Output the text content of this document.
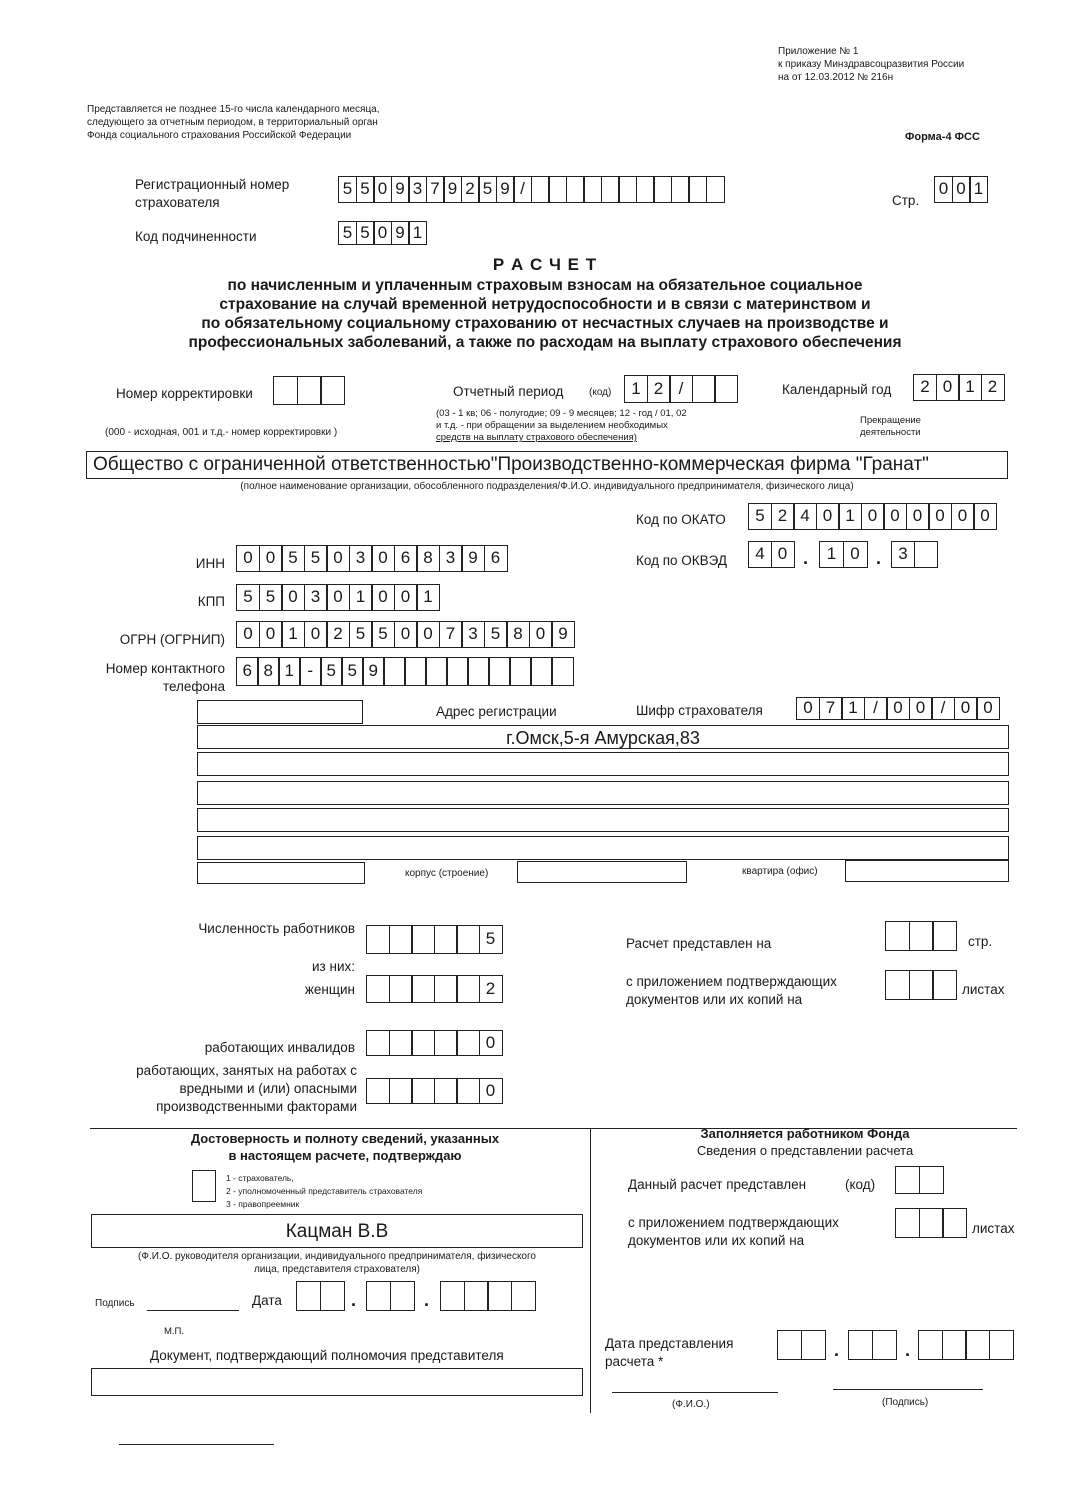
Приложение № 1
к приказу Минздравсоцразвития России
на от 12.03.2012 № 216н
Представляется не позднее 15-го числа календарного месяца,
следующего за отчетным периодом, в территориальный орган
Фонда социального страхования Российской Федерации	Форма-4 ФСС
Регистрационный номер
страхователя
5 5 0 9 3 7 9 2 5 9 /
Стр.
0 0 1
Код подчиненности	5 5 0 9 1
Р А С Ч Е Т
по начисленным и уплаченным страховым взносам на обязательное социальное
страхование на случай временной нетрудоспособности и в связи с материнством и
по обязательному социальному страхованию от несчастных случаев на производстве и
профессиональных заболеваний, а также по расходам на выплату страхового обеспечения
Номер корректировки
(000 - исходная, 001 и т.д.- номер корректировки )
Отчетный период	(код)	1 2 /
(03 - 1 кв; 06 - полугодие; 09 - 9 месяцев; 12 - год / 01, 02
и т.д. - при обращении за выделением необходимых
средств на выплату страхового обеспечения)
Календарный год	2 0 1 2
Прекращение
деятельности
Общество с ограниченной ответственностью"Производственно-коммерческая фирма "Гранат"
(полное наименование организации, обособленного подразделения/Ф.И.О. индивидуального предпринимателя, физического лица)
Код по ОКАТО	5 2 4 0 1 0 0 0 0 0 0
Код по ОКВЭД	4 0 .	1 0 .	3
ИНН	0 0 5 5 0 3 0 6 8 3 9 6
КПП	5 5 0 3 0 1 0 0 1
ОГРН (ОГРНИП)	0 0 1 0 2 5 5 0 0 7 3 5 8 0 9
Номер контактного
телефона
6 8 1 - 5 5 9
Адрес регистрации	Шифр страхователя	0 7 1 / 0 0 / 0 0
г.Омск,5-я Амурская,83
корпус (строение)	квартира (офис)
Численность работников
5
из них:
женщин	2
работающих инвалидов	0
работающих, занятых на работах с
вредными и (или) опасными
производственными факторами
0
Расчет представлен на	стр.
с приложением подтверждающих
документов или их копий на
листах
Достоверность и полноту сведений, указанных
в настоящем расчете, подтверждаю
1 - страхователь,
2 - уполномоченный представитель страхователя
3 - правопреемник
Кацман В.В
(Ф.И.О. руководителя организации, индивидуального предпринимателя, физического
лица, представителя страхователя)
Подпись	Дата	.	.
М.П.
Документ, подтверждающий полномочия представителя
Заполняется работником Фонда
Сведения о представлении расчета
Данный расчет представлен	(код)
с приложением подтверждающих
документов или их копий на
листах
Дата представления
расчета *
.	.
(Ф.И.О.)	(Подпись)
